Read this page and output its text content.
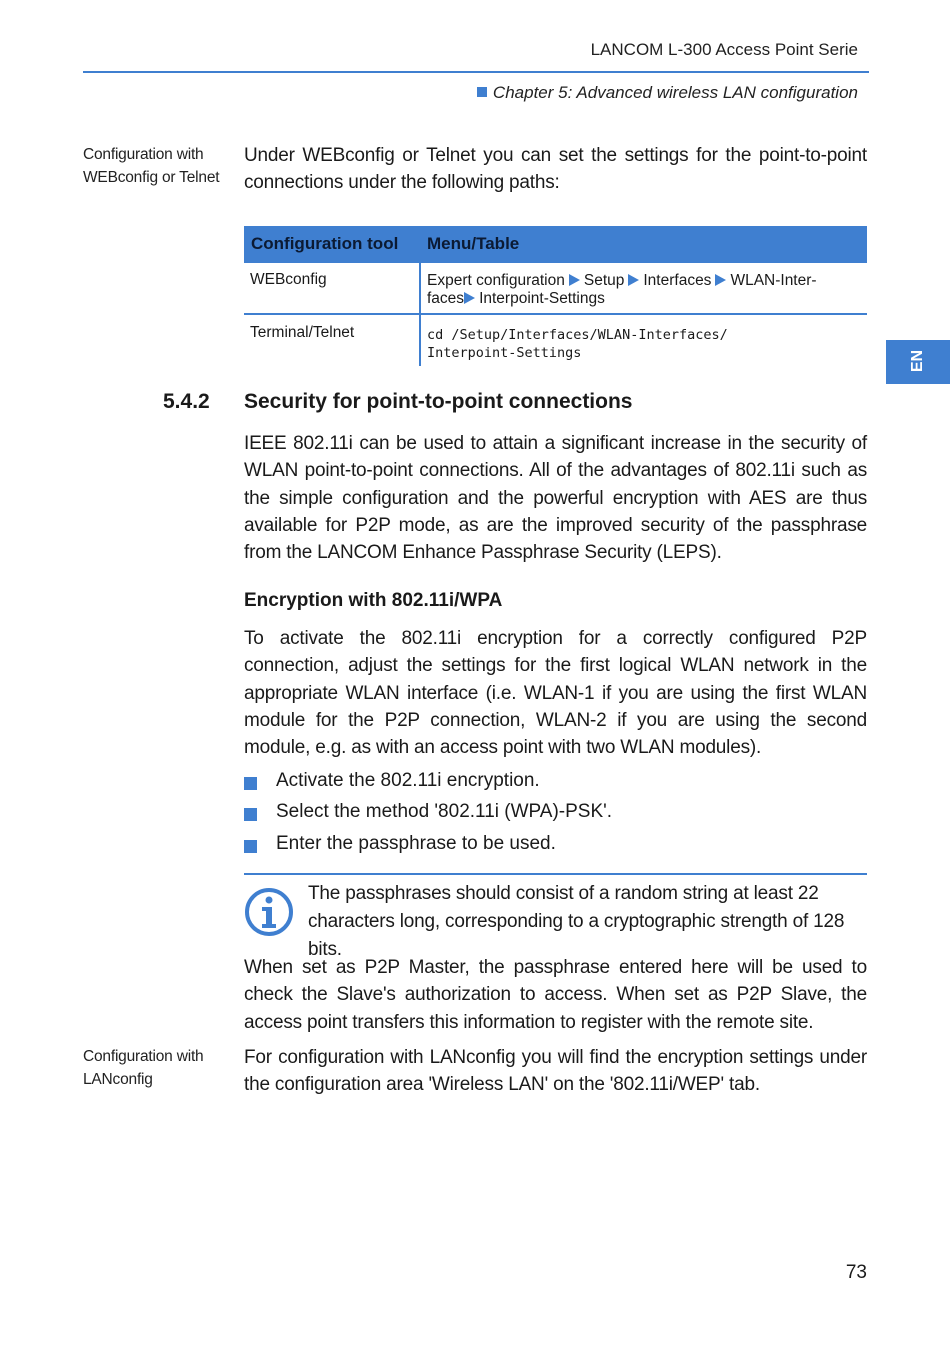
LANCOM L-300 Access Point Serie
Chapter 5: Advanced wireless LAN configuration
EN
Configuration with
WEBconfig or Telnet
Under WEBconfig or Telnet you can set the settings for the point-to-point connections under the following paths:
Configuration tool Menu/Table
WEBconfig	Expert configuration Setup Interfaces WLAN-Inter-
faces Interpoint-Settings
Terminal/Telnet	cd /Setup/Interfaces/WLAN-Interfaces/
Interpoint-Settings
5.4.2 Security for point-to-point connections
IEEE 802.11i can be used to attain a significant increase in the security of WLAN point-to-point connections. All of the advantages of 802.11i such as the simple configuration and the powerful encryption with AES are thus available for P2P mode, as are the improved security of the passphrase from the LANCOM Enhance Passphrase Security (LEPS).
Encryption with 802.11i/WPA
To activate the 802.11i encryption for a correctly configured P2P connection, adjust the settings for the first logical WLAN network in the appropriate WLAN interface (i.e. WLAN-1 if you are using the first WLAN module for the P2P connection, WLAN-2 if you are using the second module, e.g. as with an access point with two WLAN modules).
Activate the 802.11i encryption.
Select the method '802.11i (WPA)-PSK'.
Enter the passphrase to be used.
The passphrases should consist of a random string at least 22 characters long, corresponding to a cryptographic strength of 128 bits.
When set as P2P Master, the passphrase entered here will be used to check the Slave's authorization to access. When set as P2P Slave, the access point transfers this information to register with the remote site.
Configuration with
LANconfig
For configuration with LANconfig you will find the encryption settings under the configuration area 'Wireless LAN' on the '802.11i/WEP' tab.
73
